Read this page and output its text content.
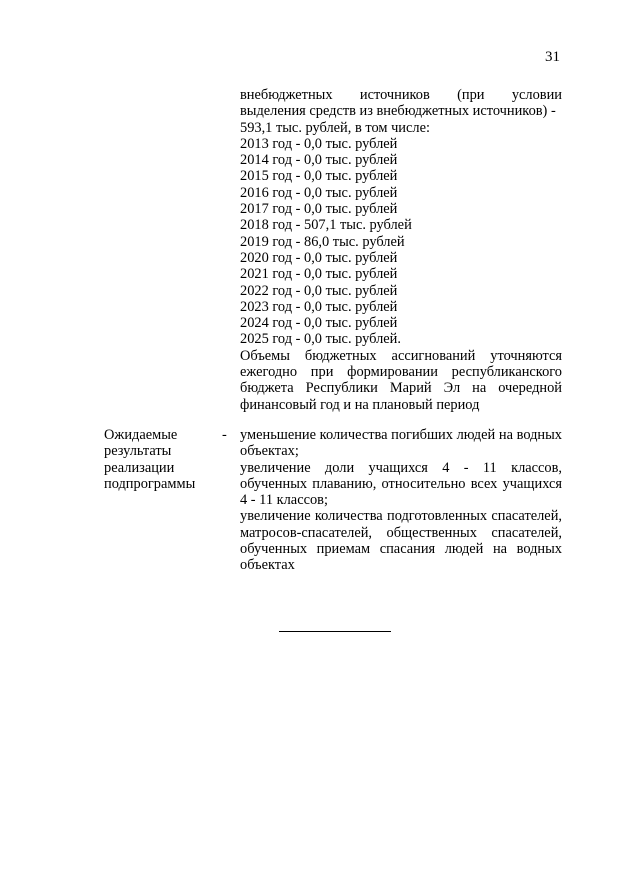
31
внебюджетных источников (при условии
выделения средств из внебюджетных источников) -
593,1 тыс. рублей, в том числе:
2013 год - 0,0 тыс. рублей
2014 год - 0,0 тыс. рублей
2015 год - 0,0 тыс. рублей
2016 год - 0,0 тыс. рублей
2017 год - 0,0 тыс. рублей
2018 год - 507,1 тыс. рублей
2019 год - 86,0 тыс. рублей
2020 год - 0,0 тыс. рублей
2021 год - 0,0 тыс. рублей
2022 год - 0,0 тыс. рублей
2023 год - 0,0 тыс. рублей
2024 год - 0,0 тыс. рублей
2025 год - 0,0 тыс. рублей.
Объемы бюджетных ассигнований уточняются ежегодно при формировании республиканского бюджета Республики Марий Эл на очередной финансовый год и на плановый период
Ожидаемые
результаты
реализации
подпрограммы
- уменьшение количества погибших людей на водных объектах;
увеличение доли учащихся 4 - 11 классов, обученных плаванию, относительно всех учащихся 4 - 11 классов;
увеличение количества подготовленных спасателей, матросов-спасателей, общественных спасателей, обученных приемам спасания людей на водных объектах
